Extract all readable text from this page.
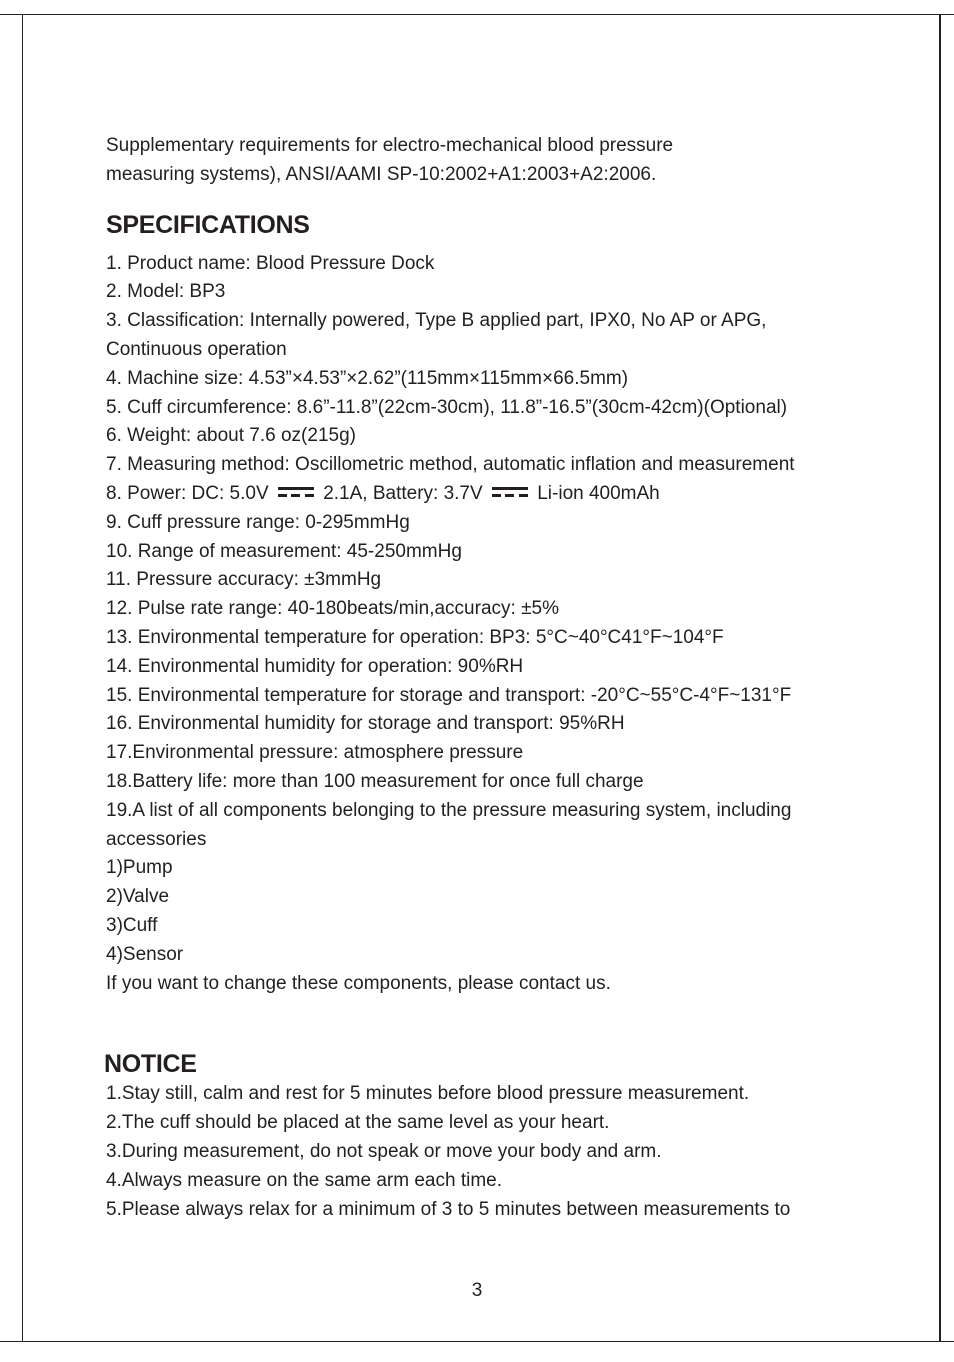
Supplementary requirements for electro-mechanical blood pressure
measuring systems), ANSI/AAMI SP-10:2002+A1:2003+A2:2006.
SPECIFICATIONS
1. Product name: Blood Pressure Dock
2. Model: BP3
3. Classification: Internally powered, Type B applied part, IPX0, No AP or APG,
Continuous operation
4. Machine size: 4.53”×4.53”×2.62”(115mm×115mm×66.5mm)
5. Cuff circumference: 8.6”-11.8”(22cm-30cm), 11.8”-16.5”(30cm-42cm)(Optional)
6. Weight: about 7.6 oz(215g)
7. Measuring method: Oscillometric method, automatic inflation and measurement
8. Power: DC: 5.0V	2.1A, Battery: 3.7V	Li-ion 400mAh
9. Cuff pressure range: 0-295mmHg
10. Range of measurement: 45-250mmHg
11. Pressure accuracy: ±3mmHg
12. Pulse rate range: 40-180beats/min,accuracy: ±5%
13. Environmental temperature for operation: BP3: 5°C~40°C41°F~104°F
14. Environmental humidity for operation: 90%RH
15. Environmental temperature for storage and transport: -20°C~55°C-4°F~131°F
16. Environmental humidity for storage and transport: 95%RH
17.Environmental pressure: atmosphere pressure
18.Battery life: more than 100 measurement for once full charge
19.A list of all components belonging to the pressure measuring system, including
accessories
1)Pump
2)Valve
3)Cuff
4)Sensor
If you want to change these components, please contact us.
NOTICE
1.Stay still, calm and rest for 5 minutes before blood pressure measurement.
2.The cuff should be placed at the same level as your heart.
3.During measurement, do not speak or move your body and arm.
4.Always measure on the same arm each time.
5.Please always relax for a minimum of 3 to 5 minutes between measurements to
3
